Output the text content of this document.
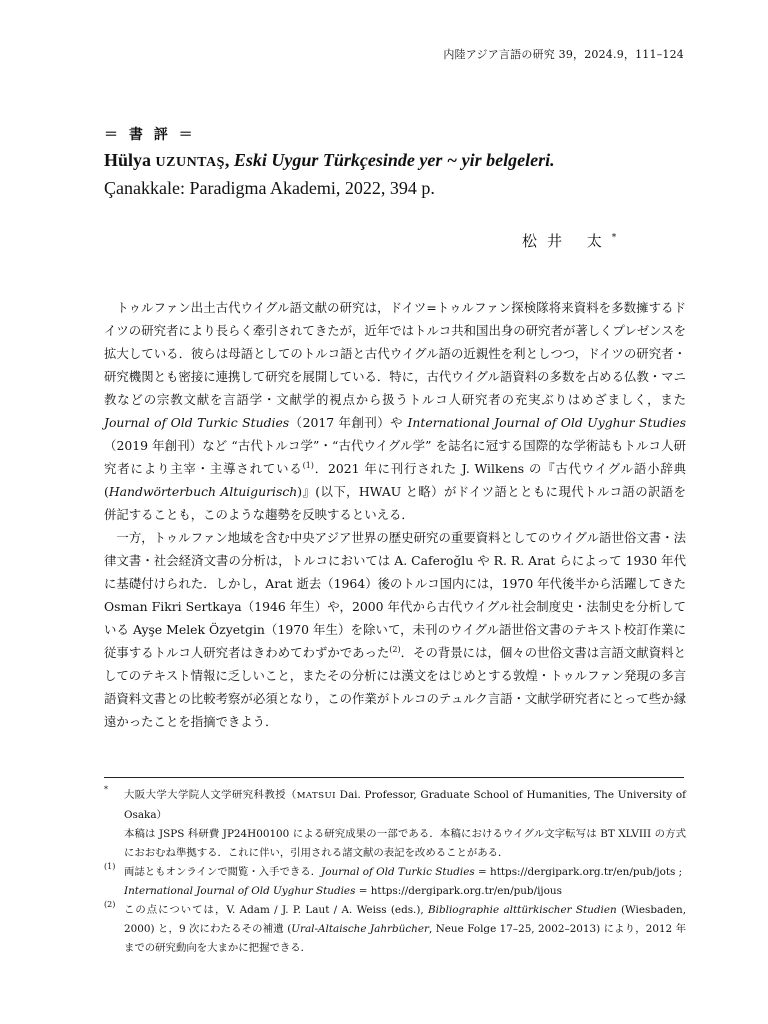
内陸アジア言語の研究 39，2024.9，111–124
＝ 書 評 ＝
Hülya UZUNTAŞ, Eski Uygur Türkçesinde yer ~ yir belgeleri.
Çanakkale: Paradigma Akademi, 2022, 394 p.
松井 太*

トゥルファン出土古代ウイグル語文献の研究は，ドイツ=トゥルファン探検隊将来資料を多数擁するドイツの研究者により長らく牽引されてきたが，近年ではトルコ共和国出身の研究者が著しくプレゼンスを拡大している．彼らは母語としてのトルコ語と古代ウイグル語の近親性を利としつつ，ドイツの研究者・研究機関とも密接に連携して研究を展開している．特に，古代ウイグル語資料の多数を占める仏教・マニ教などの宗教文献を言語学・文献学的視点から扱うトルコ人研究者の充実ぶりはめざましく，また Journal of Old Turkic Studies（2017 年創刊）や International Journal of Old Uyghur Studies（2019 年創刊）など “古代トルコ学”・“古代ウイグル学” を誌名に冠する国際的な学術誌もトルコ人研究者により主宰・主導されている$^{(1)}$．2021 年に刊行された J. Wilkens の『古代ウイグル語小辞典 (Handwörterbuch Altuigurisch)』(以下，HWAU と略）がドイツ語とともに現代トルコ語の訳語を併記することも，このような趨勢を反映するといえる．

一方，トゥルファン地域を含む中央アジア世界の歴史研究の重要資料としてのウイグル語世俗文書・法律文書・社会経済文書の分析は，トルコにおいては A. Caferoğlu や R. R. Arat らによって 1930 年代に基礎付けられた．しかし，Arat 逝去（1964）後のトルコ国内には，1970 年代後半から活躍してきた Osman Fikri Sertkaya（1946 年生）や，2000 年代から古代ウイグル社会制度史・法制史を分析している Ayşe Melek Özyetgin（1970 年生）を除いて，未刊のウイグル語世俗文書のテキスト校訂作業に従事するトルコ人研究者はきわめてわずかであった$^{(2)}$．その背景には，個々の世俗文書は言語文献資料としてのテキスト情報に乏しいこと，またその分析には漢文をはじめとする敦煌・トゥルファン発現の多言語資料文書との比較考察が必須となり，この作業がトルコのテュルク言語・文献学研究者にとって些か縁遠かったことを指摘できよう．

* 大阪大学大学院人文学研究科教授（MATSUI Dai. Professor, Graduate School of Humanities, The University of Osaka）

本稿は JSPS 科研費 JP24H00100 による研究成果の一部である．本稿におけるウイグル文字転写は BT XLVIII の方式におおむね準拠する．これに伴い，引用される諸文献の表記を改めることがある．

(1) 両誌ともオンラインで閲覧・入手できる．Journal of Old Turkic Studies = https://dergipark.org.tr/en/pub/jots ;
International Journal of Old Uyghur Studies = https://dergipark.org.tr/en/pub/ijous

(2) この点については，V. Adam / J. P. Laut / A. Weiss (eds.), Bibliographie alttürkischer Studien (Wiesbaden, 2000) と，9 次にわたるその補遺 (Ural-Altaische Jahrbücher, Neue Folge 17–25, 2002–2013) により，2012 年までの研究動向を大まかに把握できる．
